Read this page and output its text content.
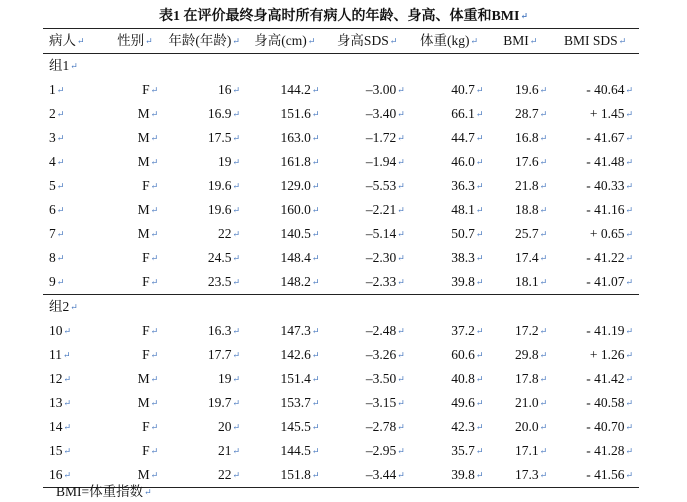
表1 在评价最终身高时所有病人的年龄、身高、体重和BMI↵
病人↵	性别↵	年龄(年龄)↵	身高(cm)↵	身高SDS↵	体重(kg)↵	BMI↵	BMI SDS↵
组1↵							
1↵	F↵	16↵	144.2↵	–3.00↵	40.7↵	19.6↵	- 40.64↵
2↵	M↵	16.9↵	151.6↵	–3.40↵	66.1↵	28.7↵	+ 1.45↵
3↵	M↵	17.5↵	163.0↵	–1.72↵	44.7↵	16.8↵	- 41.67↵
4↵	M↵	19↵	161.8↵	–1.94↵	46.0↵	17.6↵	- 41.48↵
5↵	F↵	19.6↵	129.0↵	–5.53↵	36.3↵	21.8↵	- 40.33↵
6↵	M↵	19.6↵	160.0↵	–2.21↵	48.1↵	18.8↵	- 41.16↵
7↵	M↵	22↵	140.5↵	–5.14↵	50.7↵	25.7↵	+ 0.65↵
8↵	F↵	24.5↵	148.4↵	–2.30↵	38.3↵	17.4↵	- 41.22↵
9↵	F↵	23.5↵	148.2↵	–2.33↵	39.8↵	18.1↵	- 41.07↵
组2↵							
10↵	F↵	16.3↵	147.3↵	–2.48↵	37.2↵	17.2↵	- 41.19↵
11↵	F↵	17.7↵	142.6↵	–3.26↵	60.6↵	29.8↵	+ 1.26↵
12↵	M↵	19↵	151.4↵	–3.50↵	40.8↵	17.8↵	- 41.42↵
13↵	M↵	19.7↵	153.7↵	–3.15↵	49.6↵	21.0↵	- 40.58↵
14↵	F↵	20↵	145.5↵	–2.78↵	42.3↵	20.0↵	- 40.70↵
15↵	F↵	21↵	144.5↵	–2.95↵	35.7↵	17.1↵	- 41.28↵
16↵	M↵	22↵	151.8↵	–3.44↵	39.8↵	17.3↵	- 41.56↵
BMI=体重指数↵
